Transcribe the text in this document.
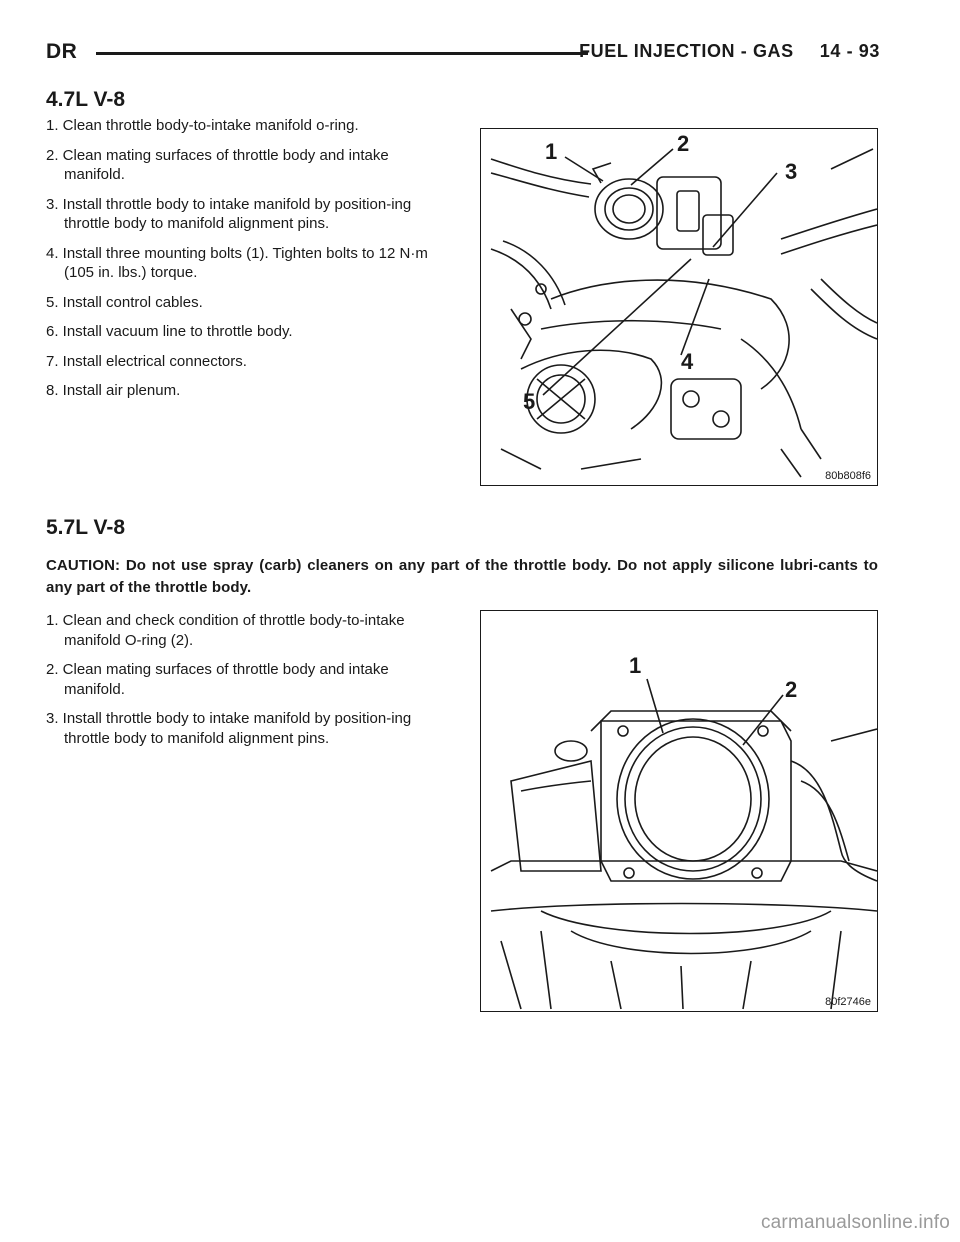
DR	FUEL INJECTION - GAS 14 - 93
4.7L V-8
1. Clean throttle body-to-intake manifold o-ring.
2. Clean mating surfaces of throttle body and intake manifold.
3. Install throttle body to intake manifold by position-ing throttle body to manifold alignment pins.
4. Install three mounting bolts (1). Tighten bolts to 12 N·m (105 in. lbs.) torque.
5. Install control cables.
6. Install vacuum line to throttle body.
7. Install electrical connectors.
8. Install air plenum.
1	2
3
4
5
80b808f6
5.7L V-8
CAUTION: Do not use spray (carb) cleaners on any part of the throttle body. Do not apply silicone lubri-cants to any part of the throttle body.
1. Clean and check condition of throttle body-to-intake manifold O-ring (2).
2. Clean mating surfaces of throttle body and intake manifold.
3. Install throttle body to intake manifold by position-ing throttle body to manifold alignment pins.
1
2
80f2746e
carmanualsonline.info
